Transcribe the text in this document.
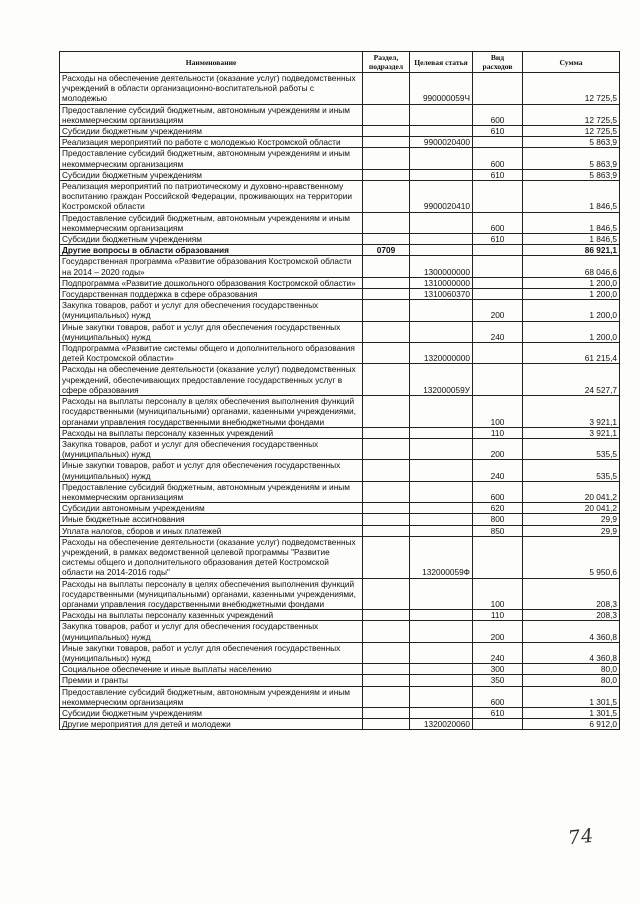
Наименование	Раздел, подраздел	Целевая статья	Вид расходов	Сумма
Расходы на обеспечение деятельности (оказание услуг) подведомственных учреждений в области организационно-воспитательной работы с молодежью		990000059Ч		12 725,5
Предоставление субсидий бюджетным, автономным учреждениям и иным некоммерческим организациям			600	12 725,5
Субсидии бюджетным учреждениям			610	12 725,5
Реализация мероприятий по работе с молодежью Костромской области		9900020400		5 863,9
Предоставление субсидий бюджетным, автономным учреждениям и иным некоммерческим организациям			600	5 863,9
Субсидии бюджетным учреждениям			610	5 863,9
Реализация мероприятий по патриотическому и духовно-нравственному воспитанию граждан Российской Федерации, проживающих на территории Костромской области		9900020410		1 846,5
Предоставление субсидий бюджетным, автономным учреждениям и иным некоммерческим организациям			600	1 846,5
Субсидии бюджетным учреждениям			610	1 846,5
Другие вопросы в области образования	0709			86 921,1
Государственная программа «Развитие образования Костромской области на 2014 – 2020 годы»		1300000000		68 046,6
Подпрограмма «Развитие дошкольного образования Костромской области»		1310000000		1 200,0
Государственная поддержка в сфере образования		1310060370		1 200,0
Закупка товаров, работ и услуг для обеспечения государственных (муниципальных) нужд			200	1 200,0
Иные закупки товаров, работ и услуг для обеспечения государственных (муниципальных) нужд			240	1 200,0
Подпрограмма «Развитие системы общего и дополнительного образования детей Костромской области»		1320000000		61 215,4
Расходы на обеспечение деятельности (оказание услуг) подведомственных учреждений, обеспечивающих предоставление государственных услуг в сфере образования		132000059У		24 527,7
Расходы на выплаты персоналу в целях обеспечения выполнения функций государственными (муниципальными) органами, казенными учреждениями, органами управления государственными внебюджетными фондами			100	3 921,1
Расходы на выплаты персоналу казенных учреждений			110	3 921,1
Закупка товаров, работ и услуг для обеспечения государственных (муниципальных) нужд			200	535,5
Иные закупки товаров, работ и услуг для обеспечения государственных (муниципальных) нужд			240	535,5
Предоставление субсидий бюджетным, автономным учреждениям и иным некоммерческим организациям			600	20 041,2
Субсидии автономным учреждениям			620	20 041,2
Иные бюджетные ассигнования			800	29,9
Уплата налогов, сборов и иных платежей			850	29,9
Расходы на обеспечение деятельности (оказание услуг) подведомственных учреждений, в рамках ведомственной целевой программы "Развитие системы общего и дополнительного образования детей Костромской области на 2014-2016 годы"		132000059Ф		5 950,6
Расходы на выплаты персоналу в целях обеспечения выполнения функций государственными (муниципальными) органами, казенными учреждениями, органами управления государственными внебюджетными фондами			100	208,3
Расходы на выплаты персоналу казенных учреждений			110	208,3
Закупка товаров, работ и услуг для обеспечения государственных (муниципальных) нужд			200	4 360,8
Иные закупки товаров, работ и услуг для обеспечения государственных (муниципальных) нужд			240	4 360,8
Социальное обеспечение и иные выплаты населению			300	80,0
Премии и гранты			350	80,0
Предоставление субсидий бюджетным, автономным учреждениям и иным некоммерческим организациям			600	1 301,5
Субсидии бюджетным учреждениям			610	1 301,5
Другие мероприятия для детей и молодежи		1320020060		6 912,0
74
